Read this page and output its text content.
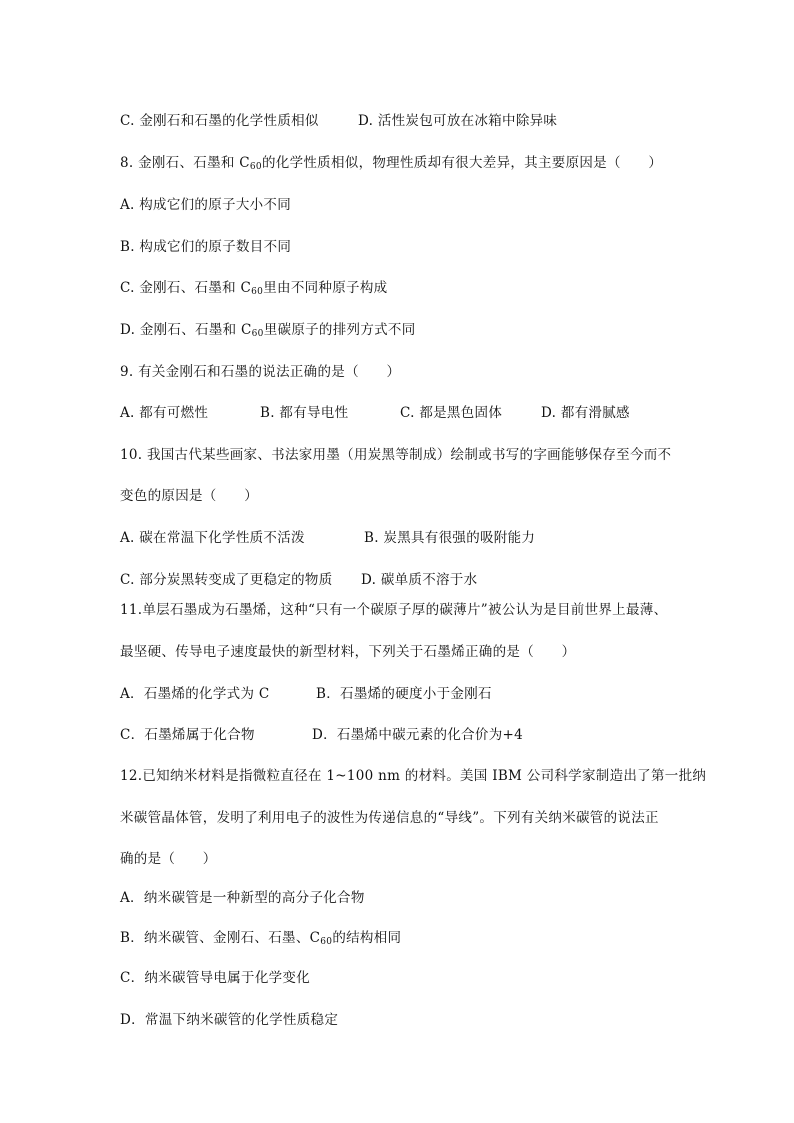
C. 金刚石和石墨的化学性质相似	D. 活性炭包可放在冰箱中除异味
8. 金刚石、石墨和 $C_{60}$的化学性质相似，物理性质却有很大差异，其主要原因是（　　）
A. 构成它们的原子大小不同
B. 构成它们的原子数目不同
C. 金刚石、石墨和 $C_{60}$里由不同种原子构成
D. 金刚石、石墨和 $C_{60}$里碳原子的排列方式不同
9. 有关金刚石和石墨的说法正确的是（　　）
A. 都有可燃性	B. 都有导电性	C. 都是黑色固体	D. 都有滑腻感
10. 我国古代某些画家、书法家用墨（用炭黑等制成）绘制或书写的字画能够保存至今而不
变色的原因是（　　）
A. 碳在常温下化学性质不活泼	B. 炭黑具有很强的吸附能力
C. 部分炭黑转变成了更稳定的物质 D. 碳单质不溶于水
11.单层石墨成为石墨烯，这种“只有一个碳原子厚的碳薄片”被公认为是目前世界上最薄、
最坚硬、传导电子速度最快的新型材料，下列关于石墨烯正确的是（　　）
A．石墨烯的化学式为 C	B．石墨烯的硬度小于金刚石
C．石墨烯属于化合物	D．石墨烯中碳元素的化合价为+4
12.已知纳米材料是指微粒直径在 1~100 nm 的材料。美国 IBM 公司科学家制造出了第一批纳
米碳管晶体管，发明了利用电子的波性为传递信息的“导线”。下列有关纳米碳管的说法正
确的是（　　）
A．纳米碳管是一种新型的高分子化合物
B．纳米碳管、金刚石、石墨、$C_{60}$的结构相同
C．纳米碳管导电属于化学变化
D．常温下纳米碳管的化学性质稳定
